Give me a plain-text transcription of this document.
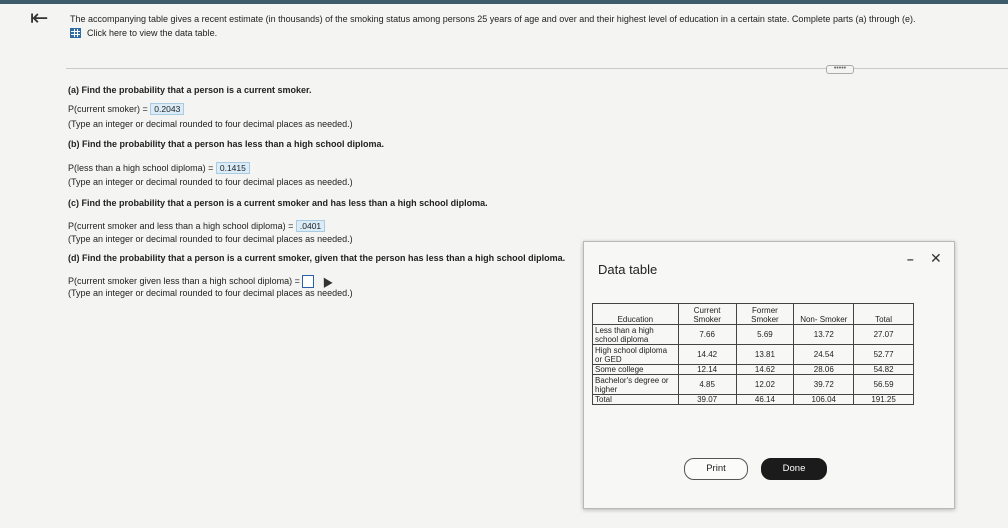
⇤ The accompanying table gives a recent estimate (in thousands) of the smoking status among persons 25 years of age and over and their highest level of education in a certain state. Complete parts (a) through (e).
Click here to view the data table.
•••••
(a) Find the probability that a person is a current smoker.
P(current smoker) = 0.2043
(Type an integer or decimal rounded to four decimal places as needed.)
(b) Find the probability that a person has less than a high school diploma.
P(less than a high school diploma) = 0.1415
(Type an integer or decimal rounded to four decimal places as needed.)
(c) Find the probability that a person is a current smoker and has less than a high school diploma.
P(current smoker and less than a high school diploma) = .0401
(Type an integer or decimal rounded to four decimal places as needed.)
(d) Find the probability that a person is a current smoker, given that the person has less than a high school diploma.
P(current smoker given less than a high school diploma) =
(Type an integer or decimal rounded to four decimal places as needed.)
Data table
– ✕
Education	Current Smoker	Former Smoker	Non- Smoker	Total
Less than a high school diploma	7.66	5.69	13.72	27.07
High school diploma or GED	14.42	13.81	24.54	52.77
Some college	12.14	14.62	28.06	54.82
Bachelor's degree or higher	4.85	12.02	39.72	56.59
Total	39.07	46.14	106.04	191.25
Print	Done
